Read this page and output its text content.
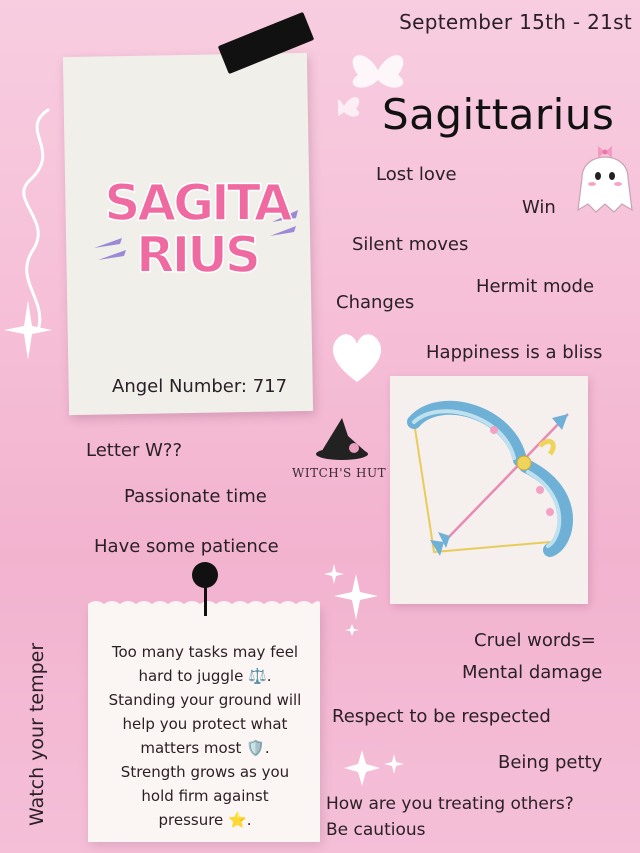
September 15th - 21st
SAGITA
RIUS
Angel Number: 717
Sagittarius
Lost love
Win
Silent moves
Hermit mode
Changes
Happiness is a bliss
WITCH'S HUT
Letter W??
Passionate time
Have some patience
Too many tasks may feel
hard to juggle ⚖️.
Standing your ground will
help you protect what
matters most 🛡️.
Strength grows as you
hold firm against
pressure ⭐.
Watch your temper
Cruel words=
Mental damage
Respect to be respected
Being petty
How are you treating others?
Be cautious
